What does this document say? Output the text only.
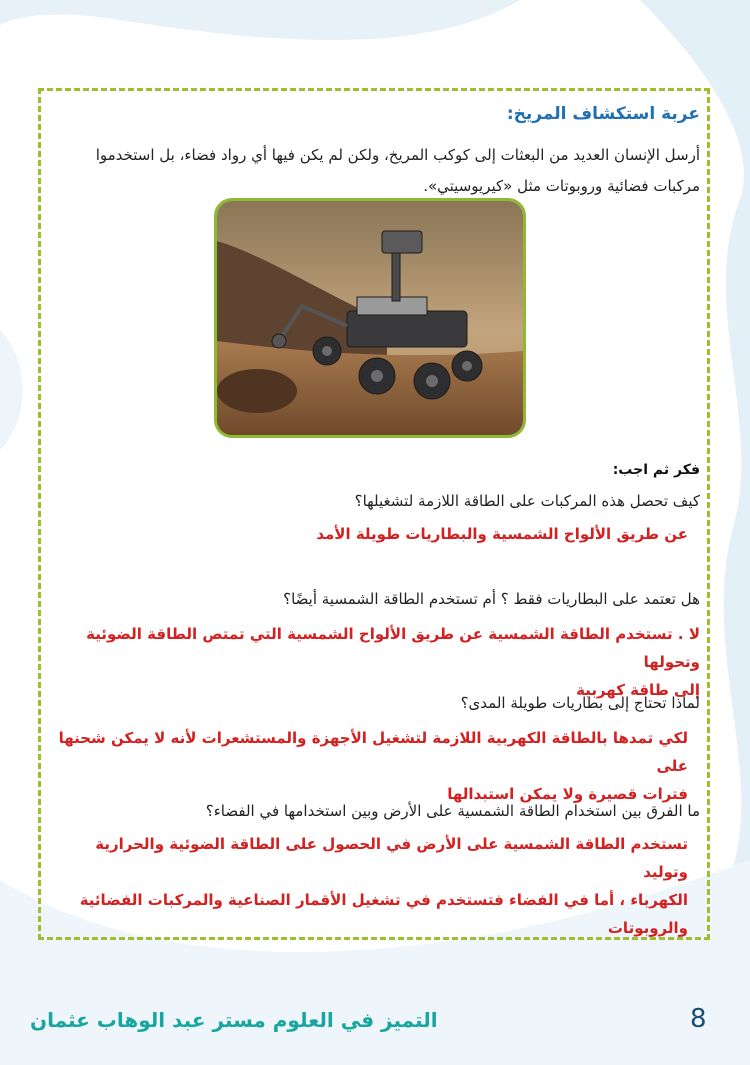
عربة استكشاف المريخ:
أرسل الإنسان العديد من البعثات إلى كوكب المريخ، ولكن لم يكن فيها أي رواد فضاء، بل استخدموا
مركبات فضائية وروبوتات مثل «كيريوسيتي».
فكر ثم اجب:
كيف تحصل هذه المركبات على الطاقة اللازمة لتشغيلها؟
عن طريق الألواح الشمسية والبطاريات طويلة الأمد
هل تعتمد على البطاريات فقط ؟ أم تستخدم الطاقة الشمسية أيضًا؟
لا . تستخدم الطاقة الشمسية عن طريق الألواح الشمسية التي تمتص الطاقة الضوئية وتحولها
إلى طاقة كهربية
لماذا تحتاج إلى بطاريات طويلة المدى؟
لكي تمدها بالطاقة الكهربية اللازمة لتشغيل الأجهزة والمستشعرات لأنه لا يمكن شحنها على
فترات قصيرة ولا يمكن استبدالها
ما الفرق بين استخدام الطاقة الشمسية على الأرض وبين استخدامها في الفضاء؟
تستخدم الطاقة الشمسية على الأرض في الحصول على الطاقة الضوئية والحرارية وتوليد
الكهرباء ، أما في الفضاء فتستخدم في تشغيل الأقمار الصناعية والمركبات الفضائية والروبوتات
التميز في العلوم مستر عبد الوهاب عثمان	8
